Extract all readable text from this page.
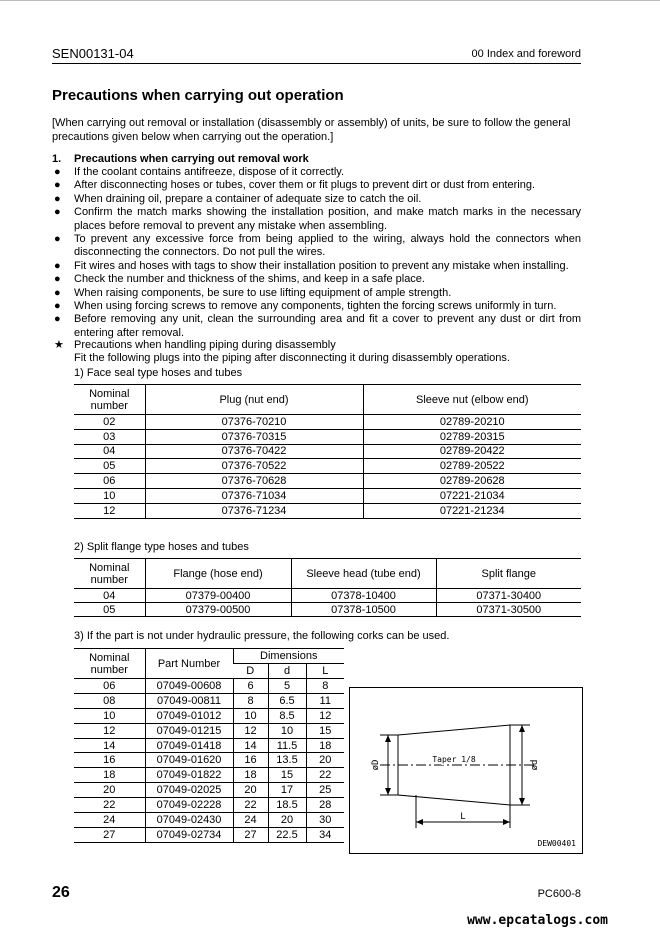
SEN00131-04	00 Index and foreword
Precautions when carrying out operation
[When carrying out removal or installation (disassembly or assembly) of units, be sure to follow the general precautions given below when carrying out the operation.]
1. Precautions when carrying out removal work
● If the coolant contains antifreeze, dispose of it correctly.
● After disconnecting hoses or tubes, cover them or fit plugs to prevent dirt or dust from entering.
● When draining oil, prepare a container of adequate size to catch the oil.
● Confirm the match marks showing the installation position, and make match marks in the necessary places before removal to prevent any mistake when assembling.
● To prevent any excessive force from being applied to the wiring, always hold the connectors when disconnecting the connectors. Do not pull the wires.
● Fit wires and hoses with tags to show their installation position to prevent any mistake when installing.
● Check the number and thickness of the shims, and keep in a safe place.
● When raising components, be sure to use lifting equipment of ample strength.
● When using forcing screws to remove any components, tighten the forcing screws uniformly in turn.
● Before removing any unit, clean the surrounding area and fit a cover to prevent any dust or dirt from entering after removal.
★ Precautions when handling piping during disassembly
Fit the following plugs into the piping after disconnecting it during disassembly operations.
1) Face seal type hoses and tubes
Nominal number	Plug (nut end)	Sleeve nut (elbow end)
02	07376-70210	02789-20210
03	07376-70315	02789-20315
04	07376-70422	02789-20422
05	07376-70522	02789-20522
06	07376-70628	02789-20628
10	07376-71034	07221-21034
12	07376-71234	07221-21234
2) Split flange type hoses and tubes
Nominal number	Flange (hose end)	Sleeve head (tube end)	Split flange
04	07379-00400	07378-10400	07371-30400
05	07379-00500	07378-10500	07371-30500
3) If the part is not under hydraulic pressure, the following corks can be used.
Nominal number	Part Number	Dimensions		
		D	d	L
06	07049-00608	6	5	8
08	07049-00811	8	6.5	11
10	07049-01012	10	8.5	12
12	07049-01215	12	10	15
14	07049-01418	14	11.5	18
16	07049-01620	16	13.5	20
18	07049-01822	18	15	22
20	07049-02025	20	17	25
22	07049-02228	22	18.5	28
24	07049-02430	24	20	30
27	07049-02734	27	22.5	34
øD	ød
Taper 1/8
L
DEW00401
26	PC600-8
www.epcatalogs.com
